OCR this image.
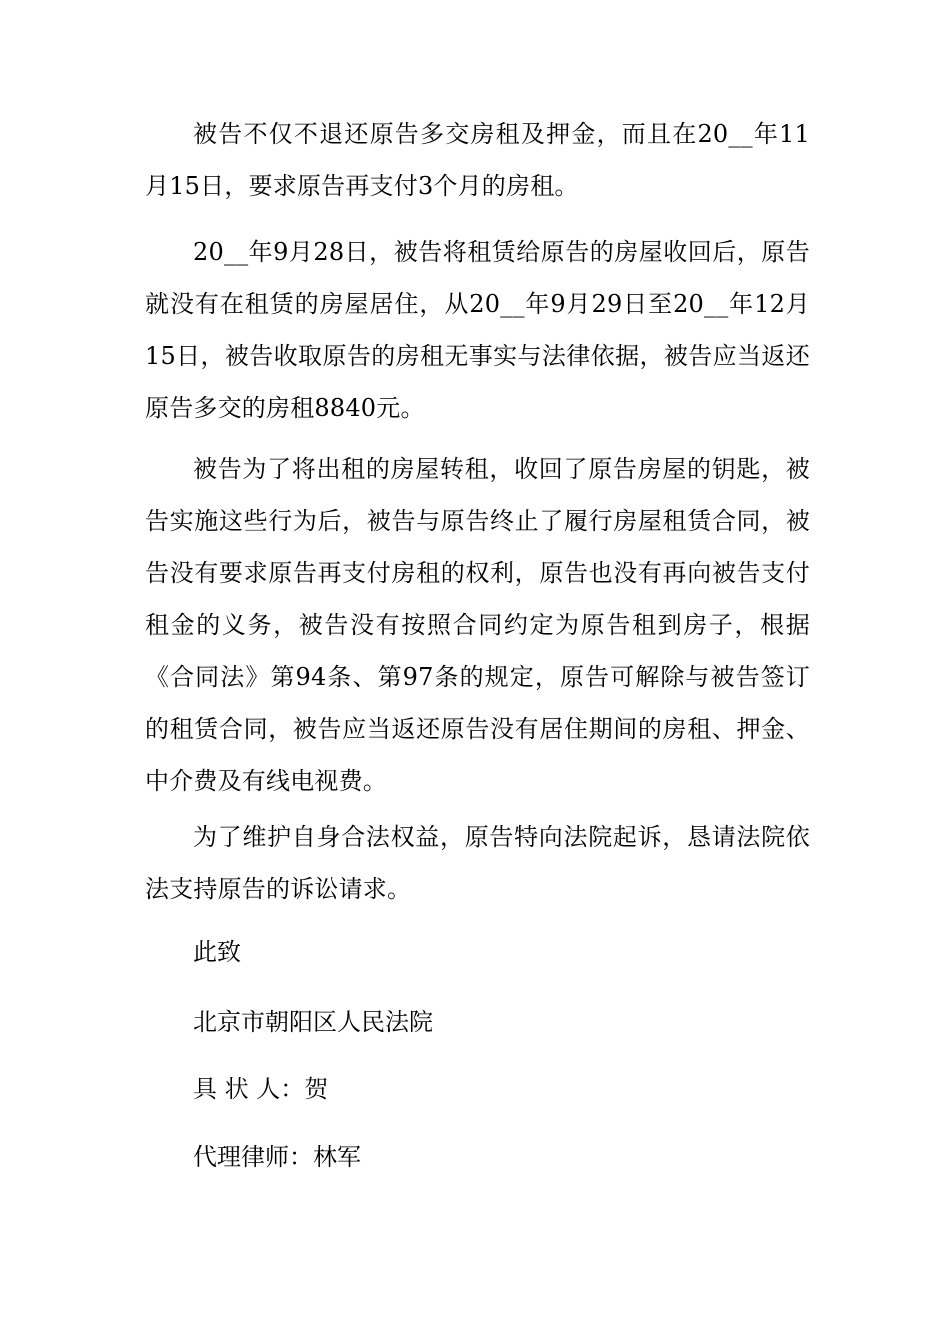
被告不仅不退还原告多交房租及押金，而且在20__年11月15日，要求原告再支付3个月的房租。

20__年9月28日，被告将租赁给原告的房屋收回后，原告就没有在租赁的房屋居住，从20__年9月29日至20__年12月15日，被告收取原告的房租无事实与法律依据，被告应当返还原告多交的房租8840元。

被告为了将出租的房屋转租，收回了原告房屋的钥匙，被告实施这些行为后，被告与原告终止了履行房屋租赁合同，被告没有要求原告再支付房租的权利，原告也没有再向被告支付租金的义务，被告没有按照合同约定为原告租到房子，根据《合同法》第94条、第97条的规定，原告可解除与被告签订的租赁合同，被告应当返还原告没有居住期间的房租、押金、中介费及有线电视费。

为了维护自身合法权益，原告特向法院起诉，恳请法院依法支持原告的诉讼请求。

此致

北京市朝阳区人民法院

具 状 人：贺

代理律师：林军
